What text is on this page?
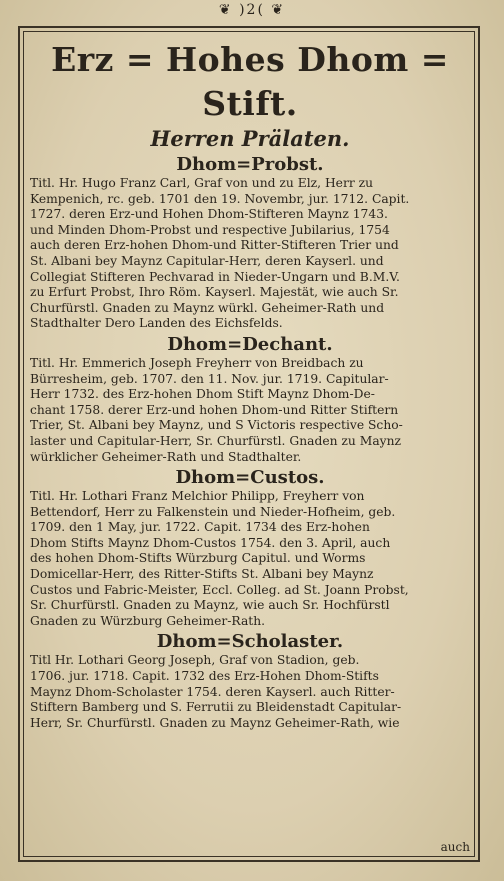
❦ )2( ❦
Erz = Hohes Dhom = Stift.
Herren Prälaten.
Dhom=Probst.
Titl. Hr. Hugo Franz Carl, Graf von und zu Elz, Herr zu
Kempenich, rc. geb. 1701 den 19. Novembr, jur. 1712. Capit.
1727. deren Erz-und Hohen Dhom-Stifteren Maynz 1743.
und Minden Dhom-Probst und respective Jubilarius, 1754
auch deren Erz-hohen Dhom-und Ritter-Stifteren Trier und
St. Albani bey Maynz Capitular-Herr, deren Kayserl. und
Collegiat Stifteren Pechvarad in Nieder-Ungarn und B.M.V.
zu Erfurt Probst, Ihro Röm. Kayserl. Majestät, wie auch Sr.
Churfürstl. Gnaden zu Maynz würkl. Geheimer-Rath und
Stadthalter Dero Landen des Eichsfelds.
Dhom=Dechant.
Titl. Hr. Emmerich Joseph Freyherr von Breidbach zu
Bürresheim, geb. 1707. den 11. Nov. jur. 1719. Capitular-
Herr 1732. des Erz-hohen Dhom Stift Maynz Dhom-De-
chant 1758. derer Erz-und hohen Dhom-und Ritter Stiftern
Trier, St. Albani bey Maynz, und S Victoris respective Scho-
laster und Capitular-Herr, Sr. Churfürstl. Gnaden zu Maynz
würklicher Geheimer-Rath und Stadthalter.
Dhom=Custos.
Titl. Hr. Lothari Franz Melchior Philipp, Freyherr von
Bettendorf, Herr zu Falkenstein und Nieder-Hofheim, geb.
1709. den 1 May, jur. 1722. Capit. 1734 des Erz-hohen
Dhom Stifts Maynz Dhom-Custos 1754. den 3. April, auch
des hohen Dhom-Stifts Würzburg Capitul. und Worms
Domicellar-Herr, des Ritter-Stifts St. Albani bey Maynz
Custos und Fabric-Meister, Eccl. Colleg. ad St. Joann Probst,
Sr. Churfürstl. Gnaden zu Maynz, wie auch Sr. Hochfürstl
Gnaden zu Würzburg Geheimer-Rath.
Dhom=Scholaster.
Titl Hr. Lothari Georg Joseph, Graf von Stadion, geb.
1706. jur. 1718. Capit. 1732 des Erz-Hohen Dhom-Stifts
Maynz Dhom-Scholaster 1754. deren Kayserl. auch Ritter-
Stiftern Bamberg und S. Ferrutii zu Bleidenstadt Capitular-
Herr, Sr. Churfürstl. Gnaden zu Maynz Geheimer-Rath, wie
auch
